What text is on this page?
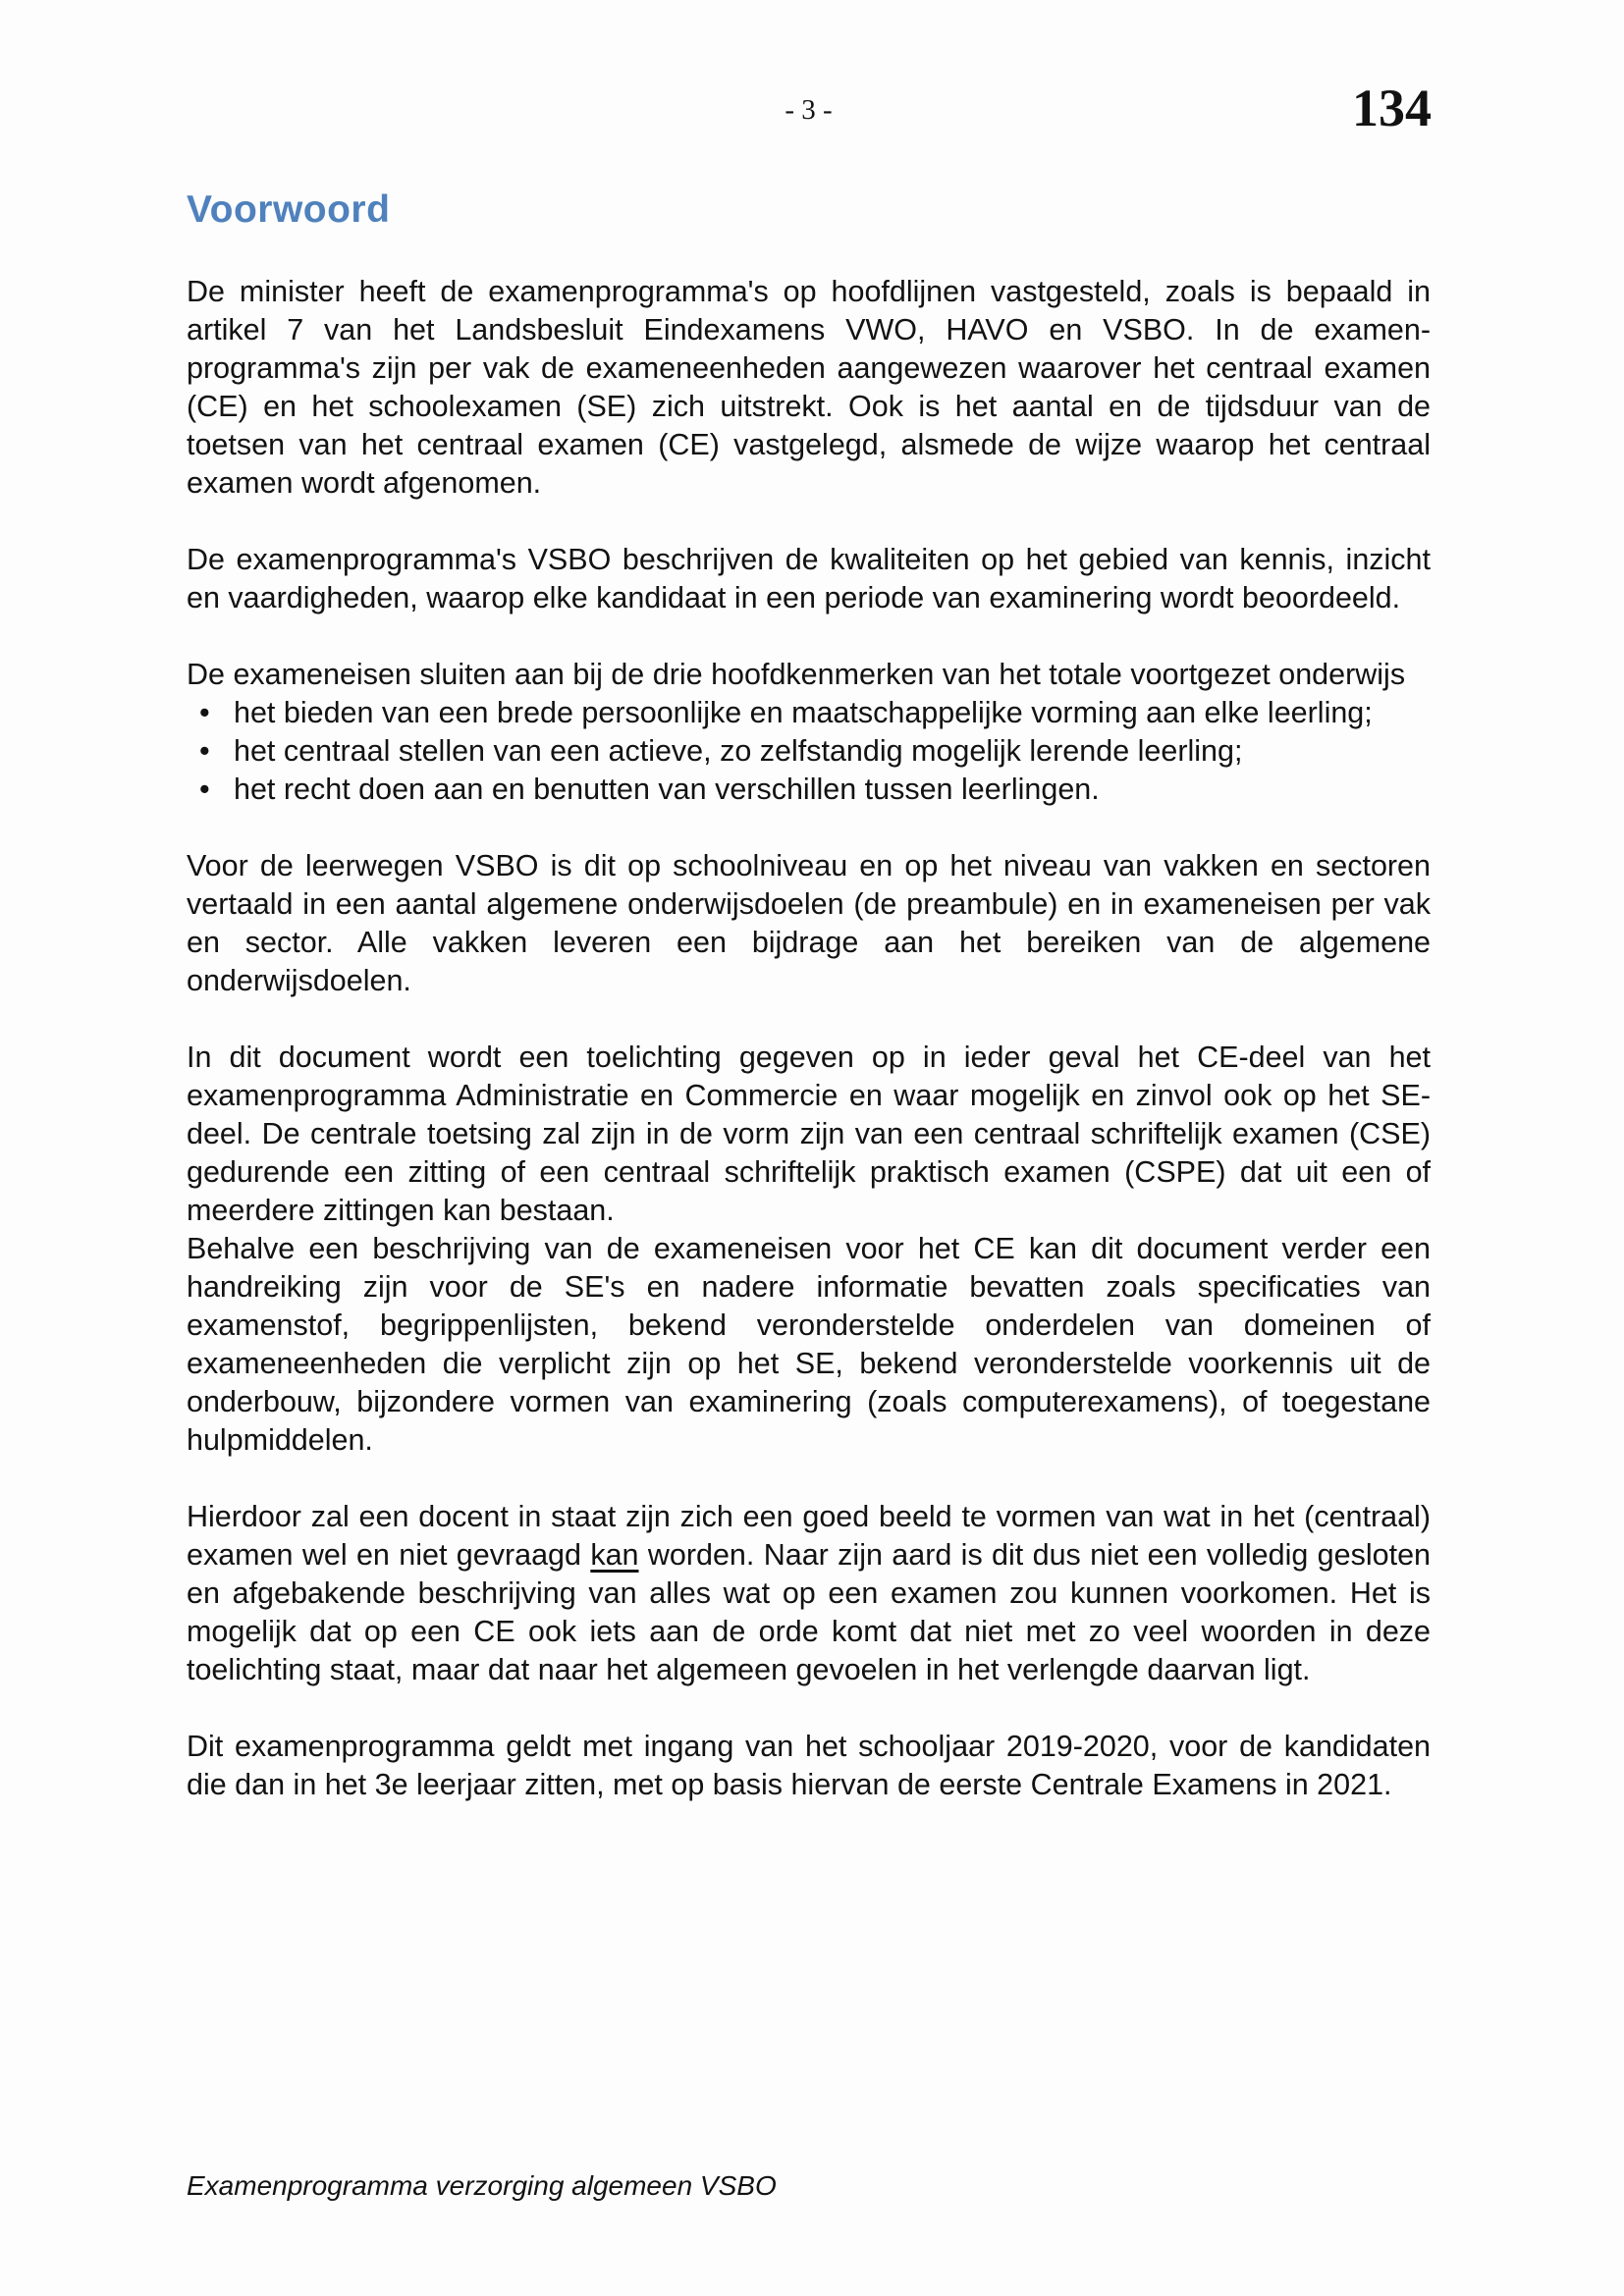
- 3 -	134
Voorwoord

De minister heeft de examenprogramma's op hoofdlijnen vastgesteld, zoals is bepaald in artikel 7 van het Landsbesluit Eindexamens VWO, HAVO en VSBO. In de examen-programma's zijn per vak de exameneenheden aangewezen waarover het centraal examen (CE) en het schoolexamen (SE) zich uitstrekt. Ook is het aantal en de tijdsduur van de toetsen van het centraal examen (CE) vastgelegd, alsmede de wijze waarop het centraal examen wordt afgenomen.

De examenprogramma's VSBO beschrijven de kwaliteiten op het gebied van kennis, inzicht en vaardigheden, waarop elke kandidaat in een periode van examinering wordt beoordeeld.

De exameneisen sluiten aan bij de drie hoofdkenmerken van het totale voortgezet onderwijs

• het bieden van een brede persoonlijke en maatschappelijke vorming aan elke leerling;
• het centraal stellen van een actieve, zo zelfstandig mogelijk lerende leerling;
• het recht doen aan en benutten van verschillen tussen leerlingen.

Voor de leerwegen VSBO is dit op schoolniveau en op het niveau van vakken en sectoren vertaald in een aantal algemene onderwijsdoelen (de preambule) en in exameneisen per vak en sector. Alle vakken leveren een bijdrage aan het bereiken van de algemene onderwijsdoelen.

In dit document wordt een toelichting gegeven op in ieder geval het CE-deel van het examenprogramma Administratie en Commercie en waar mogelijk en zinvol ook op het SE-deel. De centrale toetsing zal zijn in de vorm zijn van een centraal schriftelijk examen (CSE) gedurende een zitting of een centraal schriftelijk praktisch examen (CSPE) dat uit een of meerdere zittingen kan bestaan.

Behalve een beschrijving van de exameneisen voor het CE kan dit document verder een handreiking zijn voor de SE's en nadere informatie bevatten zoals specificaties van examenstof, begrippenlijsten, bekend veronderstelde onderdelen van domeinen of exameneenheden die verplicht zijn op het SE, bekend veronderstelde voorkennis uit de onderbouw, bijzondere vormen van examinering (zoals computerexamens), of toegestane hulpmiddelen.

Hierdoor zal een docent in staat zijn zich een goed beeld te vormen van wat in het (centraal) examen wel en niet gevraagd kan worden. Naar zijn aard is dit dus niet een volledig gesloten en afgebakende beschrijving van alles wat op een examen zou kunnen voorkomen. Het is mogelijk dat op een CE ook iets aan de orde komt dat niet met zo veel woorden in deze toelichting staat, maar dat naar het algemeen gevoelen in het verlengde daarvan ligt.

Dit examenprogramma geldt met ingang van het schooljaar 2019-2020, voor de kandidaten die dan in het 3e leerjaar zitten, met op basis hiervan de eerste Centrale Examens in 2021.

Examenprogramma verzorging algemeen VSBO
